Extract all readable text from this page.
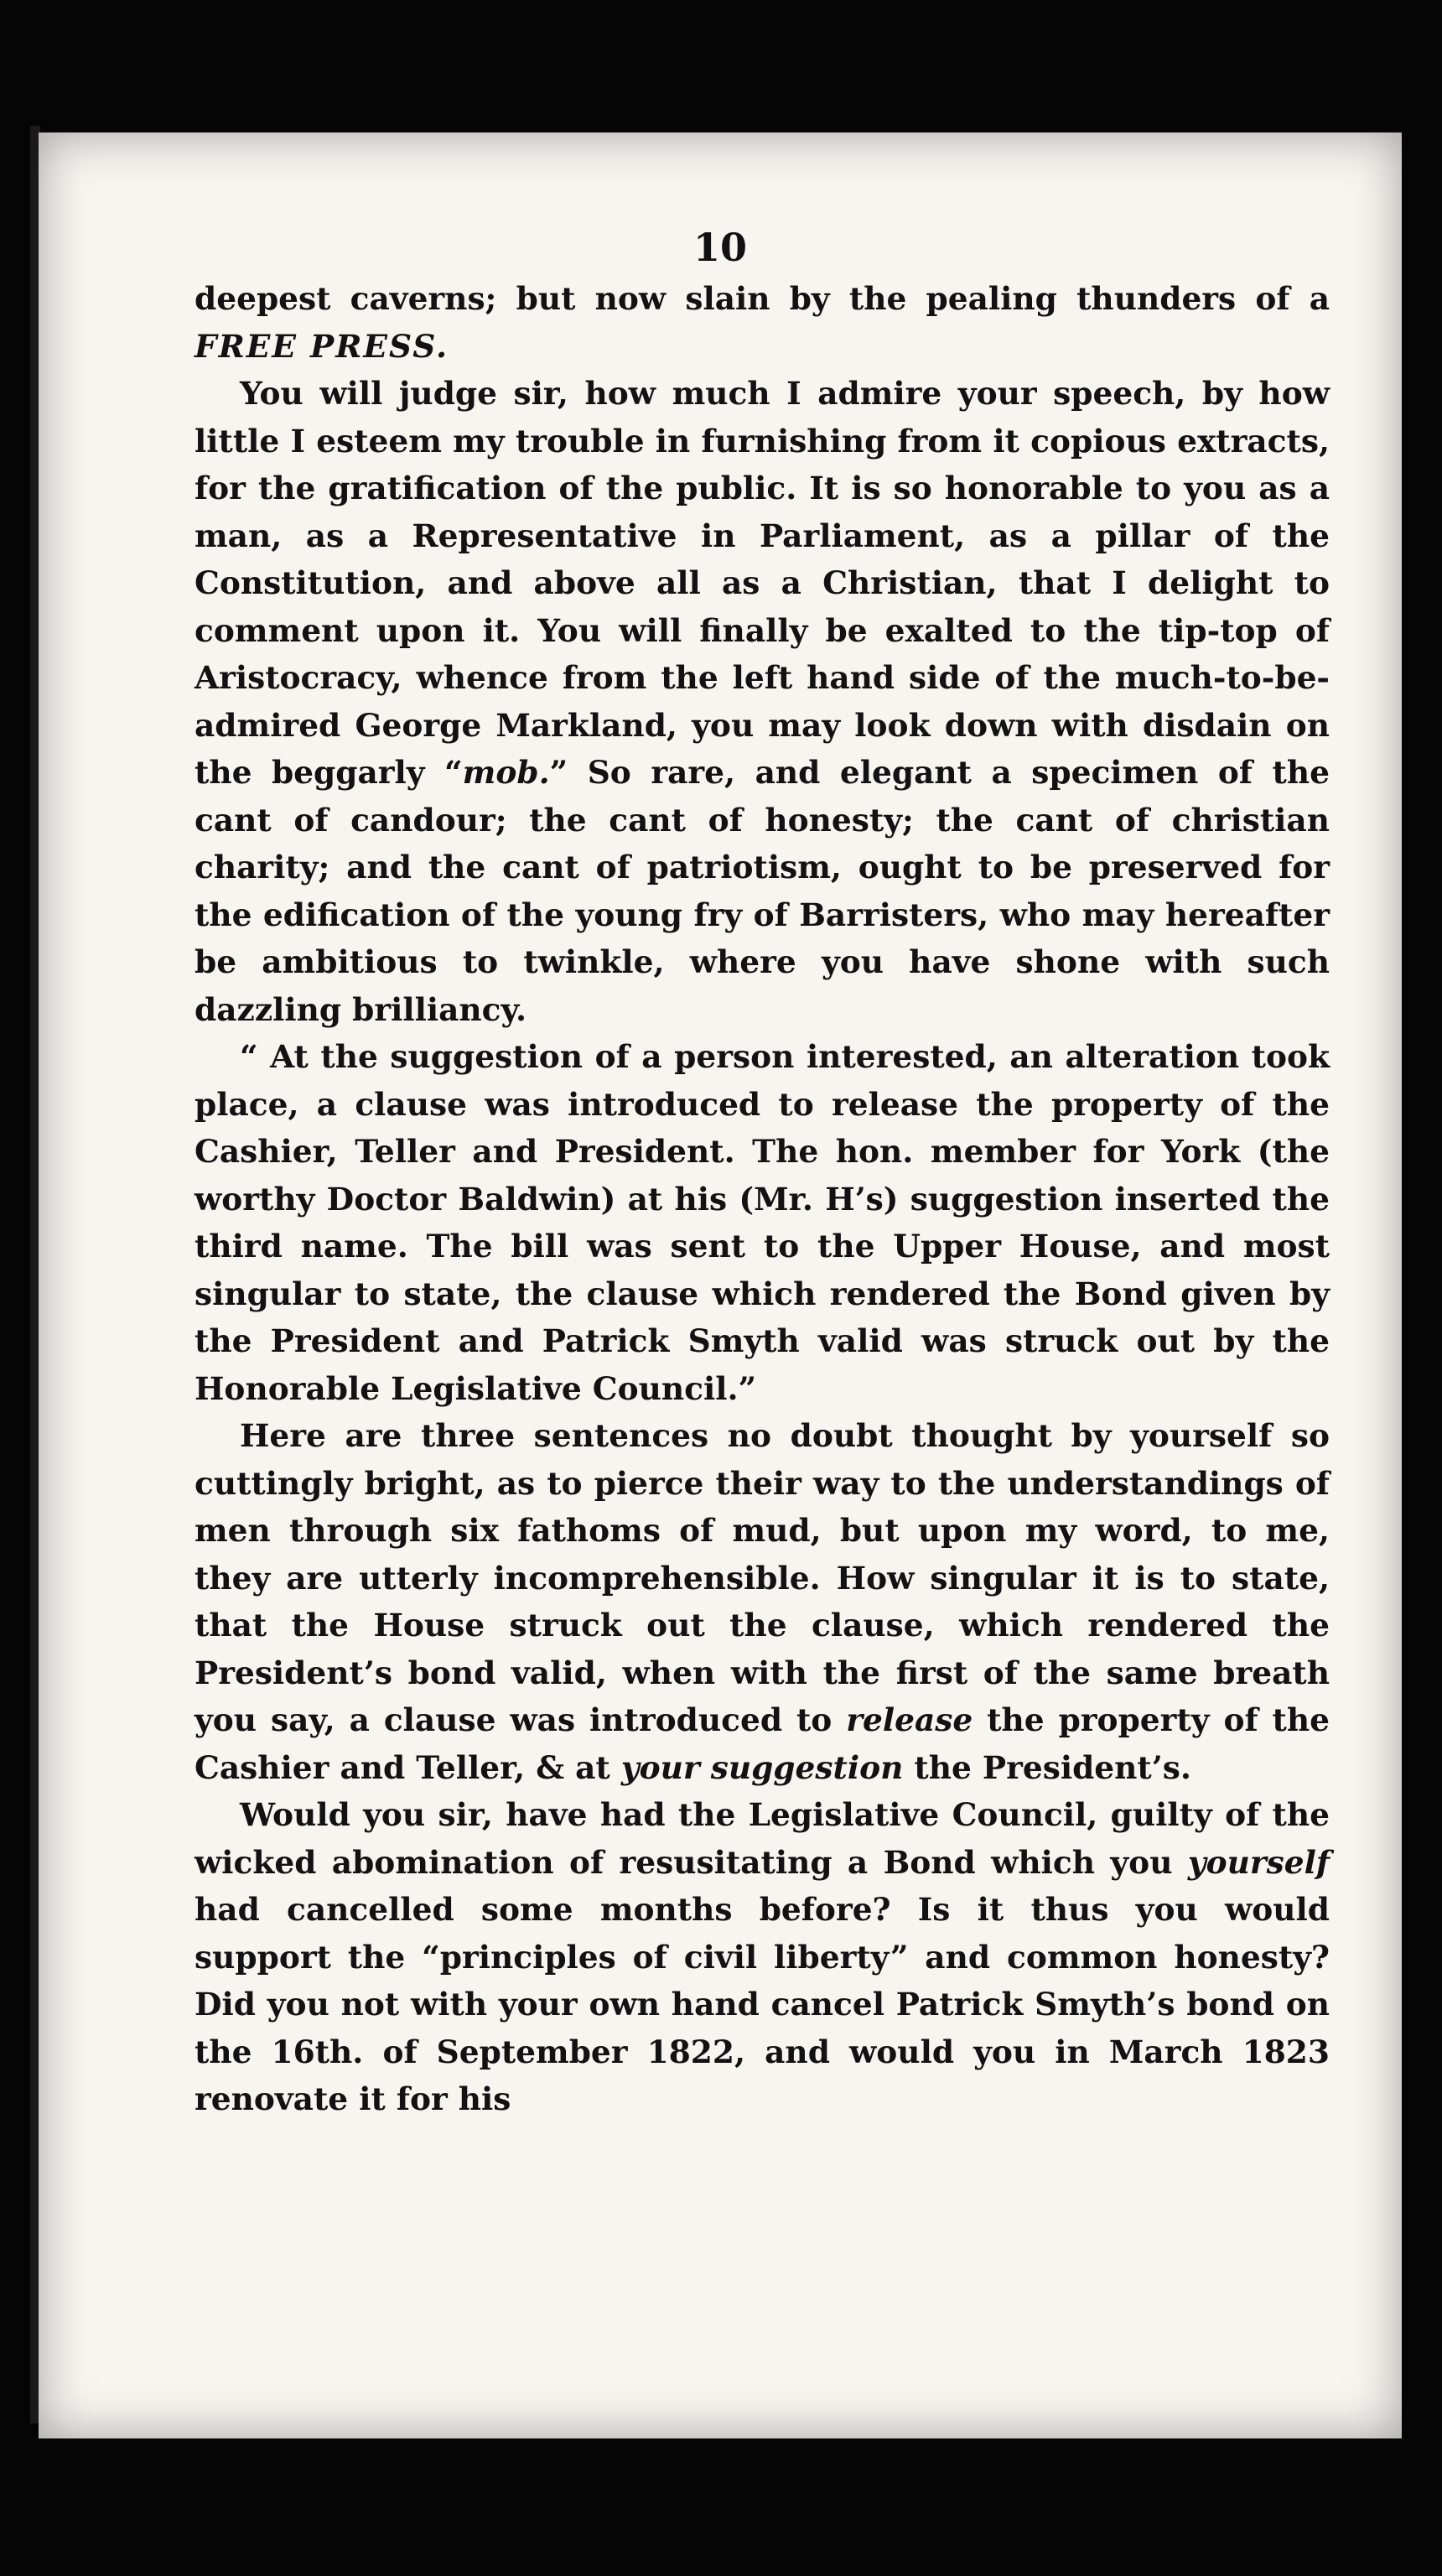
10

deepest caverns; but now slain by the pealing thunders of a FREE PRESS.

You will judge sir, how much I admire your speech, by how little I esteem my trouble in furnishing from it copious extracts, for the gratification of the public. It is so honorable to you as a man, as a Representative in Parliament, as a pillar of the Constitution, and above all as a Christian, that I delight to comment upon it. You will finally be exalted to the tip-top of Aristocracy, whence from the left hand side of the much-to-be-admired George Markland, you may look down with disdain on the beggarly “mob.” So rare, and elegant a specimen of the cant of candour; the cant of honesty; the cant of christian charity; and the cant of patriotism, ought to be preserved for the edification of the young fry of Barristers, who may hereafter be ambitious to twinkle, where you have shone with such dazzling brilliancy.

“ At the suggestion of a person interested, an alteration took place, a clause was introduced to release the property of the Cashier, Teller and President. The hon. member for York (the worthy Doctor Baldwin) at his (Mr. H’s) suggestion inserted the third name. The bill was sent to the Upper House, and most singular to state, the clause which rendered the Bond given by the President and Patrick Smyth valid was struck out by the Honorable Legislative Council.”

Here are three sentences no doubt thought by yourself so cuttingly bright, as to pierce their way to the understandings of men through six fathoms of mud, but upon my word, to me, they are utterly incomprehensible. How singular it is to state, that the House struck out the clause, which rendered the President’s bond valid, when with the first of the same breath you say, a clause was introduced to release the property of the Cashier and Teller, & at your suggestion the President’s.

Would you sir, have had the Legislative Council, guilty of the wicked abomination of resusitating a Bond which you yourself had cancelled some months before? Is it thus you would support the “principles of civil liberty” and common honesty? Did you not with your own hand cancel Patrick Smyth’s bond on the 16th. of September 1822, and would you in March 1823 renovate it for his
